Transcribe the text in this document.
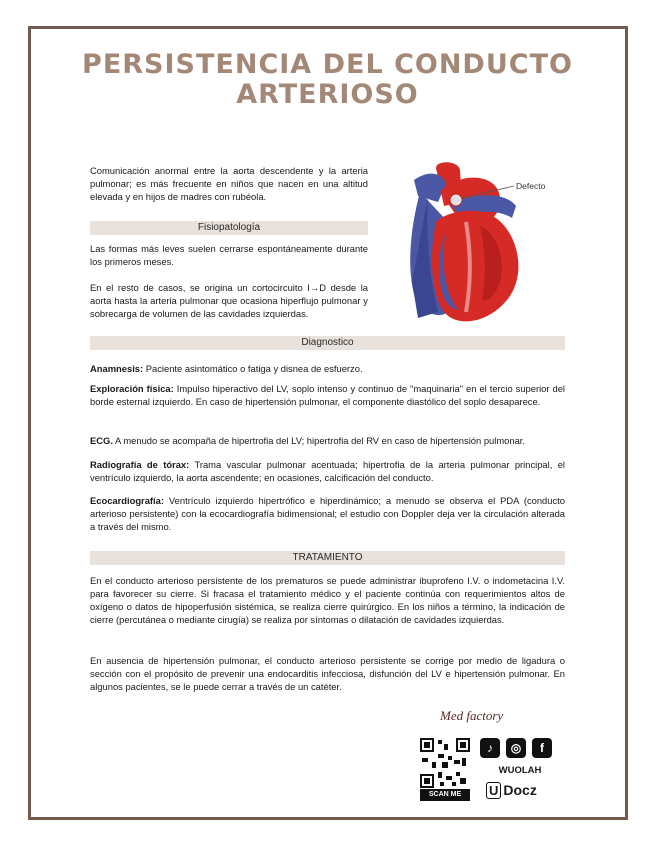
PERSISTENCIA DEL CONDUCTO
ARTERIOSO
Comunicación anormal entre la aorta descendente y la arteria pulmonar; es más frecuente en niños que nacen en una altitud elevada y en hijos de madres con rubéola.
Defecto
Fisiopatología
Las formas más leves suelen cerrarse espontáneamente durante los primeros meses.
En el resto de casos, se origina un cortocircuito I→D desde la aorta hasta la arteria pulmonar que ocasiona hiperflujo pulmonar y sobrecarga de volumen de las cavidades izquierdas.
Diagnostico
Anamnesis: Paciente asintomático o fatiga y disnea de esfuerzo.
Exploración física: Impulso hiperactivo del LV, soplo intenso y continuo de "maquinaria" en el tercio superior del borde esternal izquierdo. En caso de hipertensión pulmonar, el componente diastólico del soplo desaparece.
ECG. A menudo se acompaña de hipertrofia del LV; hipertrofia del RV en caso de hipertensión pulmonar.
Radiografía de tórax: Trama vascular pulmonar acentuada; hipertrofia de la arteria pulmonar principal, el ventrículo izquierdo, la aorta ascendente; en ocasiones, calcificación del conducto.
Ecocardiografía: Ventrículo izquierdo hipertrófico e hiperdinámico; a menudo se observa el PDA (conducto arterioso persistente) con la ecocardiografía bidimensional; el estudio con Doppler deja ver la circulación alterada a través del mismo.
TRATAMIENTO
En el conducto arterioso persistente de los prematuros se puede administrar ibuprofeno I.V. o indometacina I.V. para favorecer su cierre. Si fracasa el tratamiento médico y el paciente continúa con requerimientos altos de oxígeno o datos de hipoperfusión sistémica, se realiza cierre quirúrgico. En los niños a término, la indicación de cierre (percutánea o mediante cirugía) se realiza por síntomas o dilatación de cavidades izquierdas.
En ausencia de hipertensión pulmonar, el conducto arterioso persistente se corrige por medio de ligadura o sección con el propósito de prevenir una endocarditis infecciosa, disfunción del LV e hipertensión pulmonar. En algunos pacientes, se le puede cerrar a través de un catéter.
Med factory
SCAN ME
♪	◎	f
WUOLAH
U Docz
